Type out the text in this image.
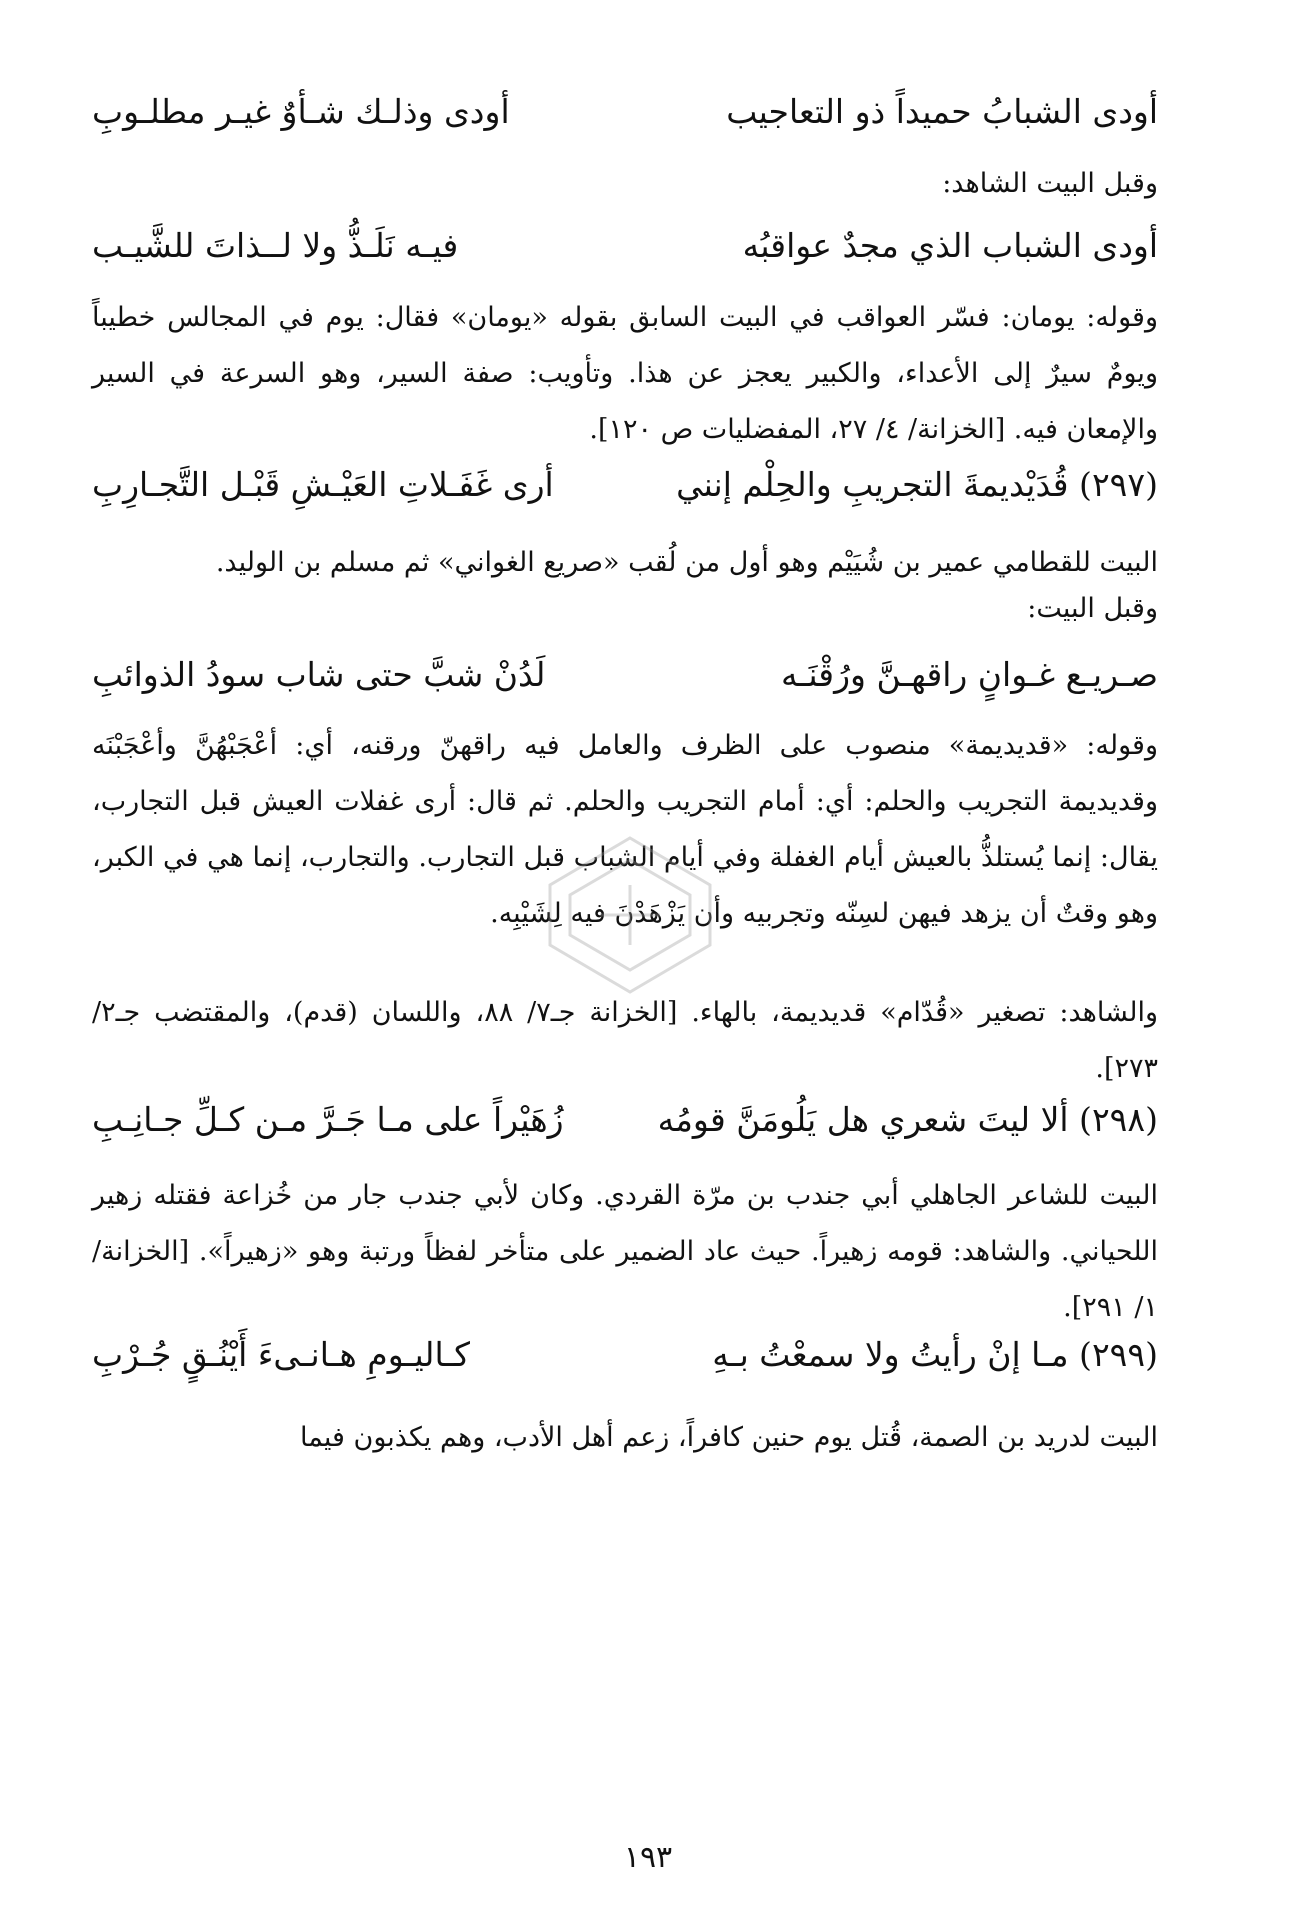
أودى الشبابُ حميداً ذو التعاجيب
أودى وذلـك شـأوٌ غيـر مطلـوبِ
وقبل البيت الشاهد:
أودى الشباب الذي مجدٌ عواقبُه
فيـه نَلَـذُّ ولا لــذاتَ للشَّيـب
وقوله: يومان: فسّر العواقب في البيت السابق بقوله «يومان» فقال: يوم في المجالس خطيباً ويومٌ سيرٌ إلى الأعداء، والكبير يعجز عن هذا. وتأويب: صفة السير، وهو السرعة في السير والإمعان فيه. [الخزانة/ ٤/ ٢٧، المفضليات ص ١٢٠].
(٢٩٧) قُدَيْديمةَ التجريبِ والحِلْم إنني
أرى غَفَـلاتِ العَيْـشِ قَبْـل التَّجـارِبِ
البيت للقطامي عمير بن شُيَيْم وهو أول من لُقب «صريع الغواني» ثم مسلم بن الوليد.
وقبل البيت:
صـريـع غـوانٍ راقهـنَّ ورُقْنَـه
لَدُنْ شبَّ حتى شاب سودُ الذوائبِ
وقوله: «قديديمة» منصوب على الظرف والعامل فيه راقهنّ ورقنه، أي: أعْجَبْهُنَّ وأعْجَبْنَه وقديديمة التجريب والحلم: أي: أمام التجريب والحلم. ثم قال: أرى غفلات العيش قبل التجارب، يقال: إنما يُستلذُّ بالعيش أيام الغفلة وفي أيام الشباب قبل التجارب. والتجارب، إنما هي في الكبر، وهو وقتٌ أن يزهد فيهن لسِنّه وتجربيه وأن يَزْهَدْنَ فيه لِشَيْبِه.
والشاهد: تصغير «قُدّام» قديديمة، بالهاء. [الخزانة جـ٧/ ٨٨، واللسان (قدم)، والمقتضب جـ٢/ ٢٧٣].
(٢٩٨) ألا ليتَ شعري هل يَلُومَنَّ قومُه
زُهَيْراً على مـا جَـرَّ مـن كـلِّ جـانِـبِ
البيت للشاعر الجاهلي أبي جندب بن مرّة القردي. وكان لأبي جندب جار من خُزاعة فقتله زهير اللحياني. والشاهد: قومه زهيراً. حيث عاد الضمير على متأخر لفظاً ورتبة وهو «زهيراً». [الخزانة/ ١/ ٢٩١].
(٢٩٩) مـا إنْ رأيتُ ولا سمعْتُ بـهِ
كـاليـومِ هـانـىءَ أَيْنُـقٍ جُـرْبِ
البيت لدريد بن الصمة، قُتل يوم حنين كافراً، زعم أهل الأدب، وهم يكذبون فيما
١٩٣
